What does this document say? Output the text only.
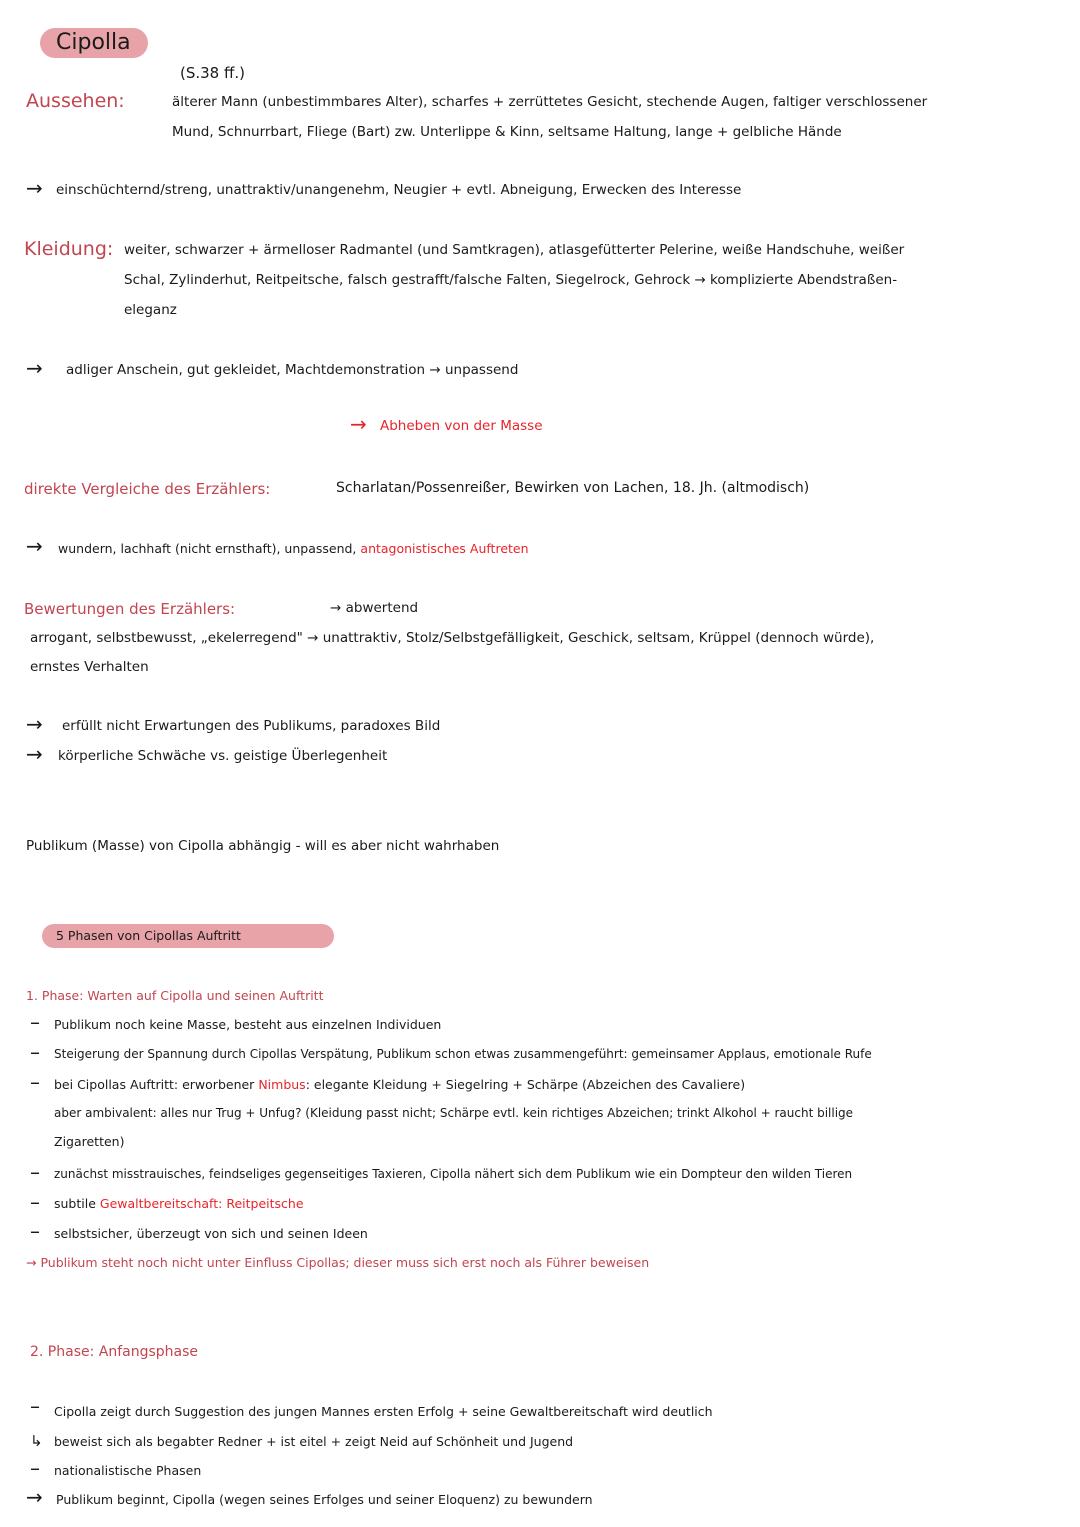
Cipolla
(S.38 ff.)
Aussehen:	älterer Mann (unbestimmbares Alter), scharfes + zerrüttetes Gesicht, stechende Augen, faltiger verschlossener
Mund, Schnurrbart, Fliege (Bart) zw. Unterlippe & Kinn, seltsame Haltung, lange + gelbliche Hände
→ einschüchternd/streng, unattraktiv/unangenehm, Neugier + evtl. Abneigung, Erwecken des Interesse
Kleidung: weiter, schwarzer + ärmelloser Radmantel (und Samtkragen), atlasgefütterter Pelerine, weiße Handschuhe, weißer
Schal, Zylinderhut, Reitpeitsche, falsch gestrafft/falsche Falten, Siegelrock, Gehrock → komplizierte Abendstraßen-
eleganz
→ adliger Anschein, gut gekleidet, Machtdemonstration → unpassend
→ Abheben von der Masse
direkte Vergleiche des Erzählers:	Scharlatan/Possenreißer, Bewirken von Lachen, 18. Jh. (altmodisch)
→ wundern, lachhaft (nicht ernsthaft), unpassend, antagonistisches Auftreten
Bewertungen des Erzählers:	→ abwertend
arrogant, selbstbewusst, „ekelerregend" → unattraktiv, Stolz/Selbstgefälligkeit, Geschick, seltsam, Krüppel (dennoch würde),
ernstes Verhalten
→ erfüllt nicht Erwartungen des Publikums, paradoxes Bild
→ körperliche Schwäche vs. geistige Überlegenheit
Publikum (Masse) von Cipolla abhängig - will es aber nicht wahrhaben
5 Phasen von Cipollas Auftritt
1. Phase: Warten auf Cipolla und seinen Auftritt
– Publikum noch keine Masse, besteht aus einzelnen Individuen
– Steigerung der Spannung durch Cipollas Verspätung, Publikum schon etwas zusammengeführt: gemeinsamer Applaus, emotionale Rufe
– bei Cipollas Auftritt: erworbener Nimbus: elegante Kleidung + Siegelring + Schärpe (Abzeichen des Cavaliere)
aber ambivalent: alles nur Trug + Unfug? (Kleidung passt nicht; Schärpe evtl. kein richtiges Abzeichen; trinkt Alkohol + raucht billige
Zigaretten)
– zunächst misstrauisches, feindseliges gegenseitiges Taxieren, Cipolla nähert sich dem Publikum wie ein Dompteur den wilden Tieren
– subtile Gewaltbereitschaft: Reitpeitsche
– selbstsicher, überzeugt von sich und seinen Ideen
→ Publikum steht noch nicht unter Einfluss Cipollas; dieser muss sich erst noch als Führer beweisen
2. Phase: Anfangsphase
– Cipolla zeigt durch Suggestion des jungen Mannes ersten Erfolg + seine Gewaltbereitschaft wird deutlich
↳ beweist sich als begabter Redner + ist eitel + zeigt Neid auf Schönheit und Jugend
– nationalistische Phasen
→ Publikum beginnt, Cipolla (wegen seines Erfolges und seiner Eloquenz) zu bewundern
